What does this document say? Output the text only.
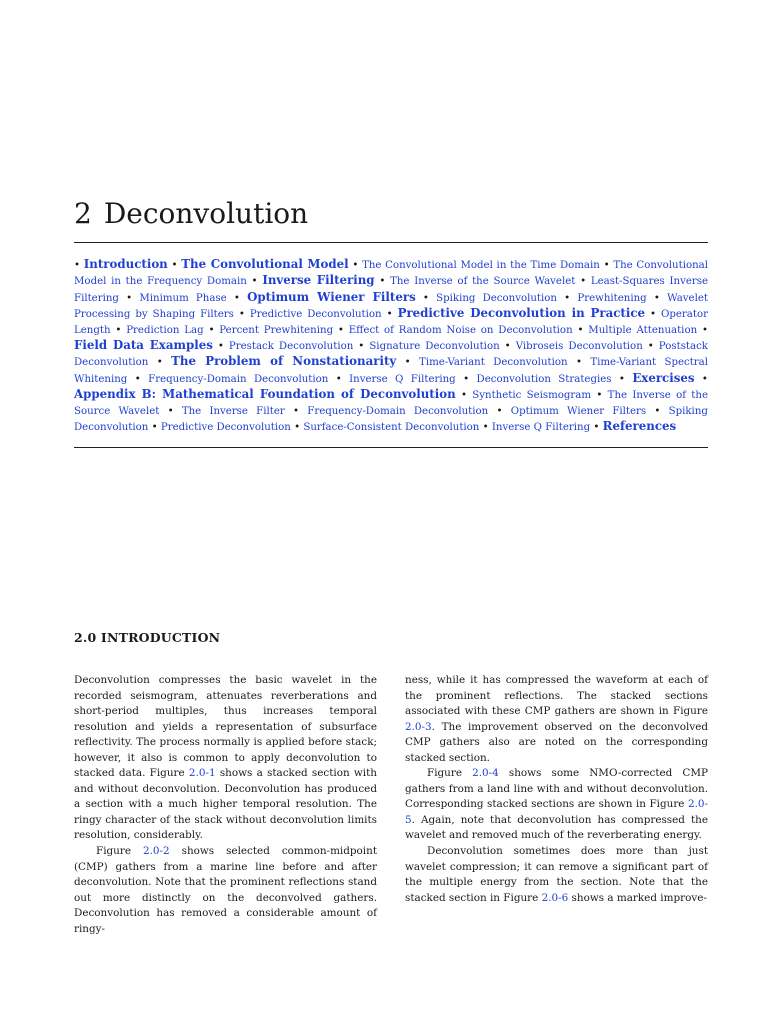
2 Deconvolution

• Introduction • The Convolutional Model • The Convolutional Model in the Time Domain • The Convolutional Model in the Frequency Domain • Inverse Filtering • The Inverse of the Source Wavelet • Least-Squares Inverse Filtering • Minimum Phase • Optimum Wiener Filters • Spiking Deconvolution • Prewhitening • Wavelet Processing by Shaping Filters • Predictive Deconvolution • Predictive Deconvolution in Practice • Operator Length • Prediction Lag • Percent Prewhitening • Effect of Random Noise on Deconvolution • Multiple Attenuation • Field Data Examples • Prestack Deconvolution • Signature Deconvolution • Vibroseis Deconvolution • Poststack Deconvolution • The Problem of Nonstationarity • Time-Variant Deconvolution • Time-Variant Spectral Whitening • Frequency-Domain Deconvolution • Inverse Q Filtering • Deconvolution Strategies • Exercises • Appendix B: Mathematical Foundation of Deconvolution • Synthetic Seismogram • The Inverse of the Source Wavelet • The Inverse Filter • Frequency-Domain Deconvolution • Optimum Wiener Filters • Spiking Deconvolution • Predictive Deconvolution • Surface-Consistent Deconvolution • Inverse Q Filtering • References

2.0 INTRODUCTION

Deconvolution compresses the basic wavelet in the recorded seismogram, attenuates reverberations and short-period multiples, thus increases temporal resolution and yields a representation of subsurface reflectivity. The process normally is applied before stack; however, it also is common to apply deconvolution to stacked data. Figure 2.0-1 shows a stacked section with and without deconvolution. Deconvolution has produced a section with a much higher temporal resolution. The ringy character of the stack without deconvolution limits resolution, considerably.

Figure 2.0-2 shows selected common-midpoint (CMP) gathers from a marine line before and after deconvolution. Note that the prominent reflections stand out more distinctly on the deconvolved gathers. Deconvolution has removed a considerable amount of ringy-

ness, while it has compressed the waveform at each of the prominent reflections. The stacked sections associated with these CMP gathers are shown in Figure 2.0-3. The improvement observed on the deconvolved CMP gathers also are noted on the corresponding stacked section.

Figure 2.0-4 shows some NMO-corrected CMP gathers from a land line with and without deconvolution. Corresponding stacked sections are shown in Figure 2.0-5. Again, note that deconvolution has compressed the wavelet and removed much of the reverberating energy.

Deconvolution sometimes does more than just wavelet compression; it can remove a significant part of the multiple energy from the section. Note that the stacked section in Figure 2.0-6 shows a marked improve-
